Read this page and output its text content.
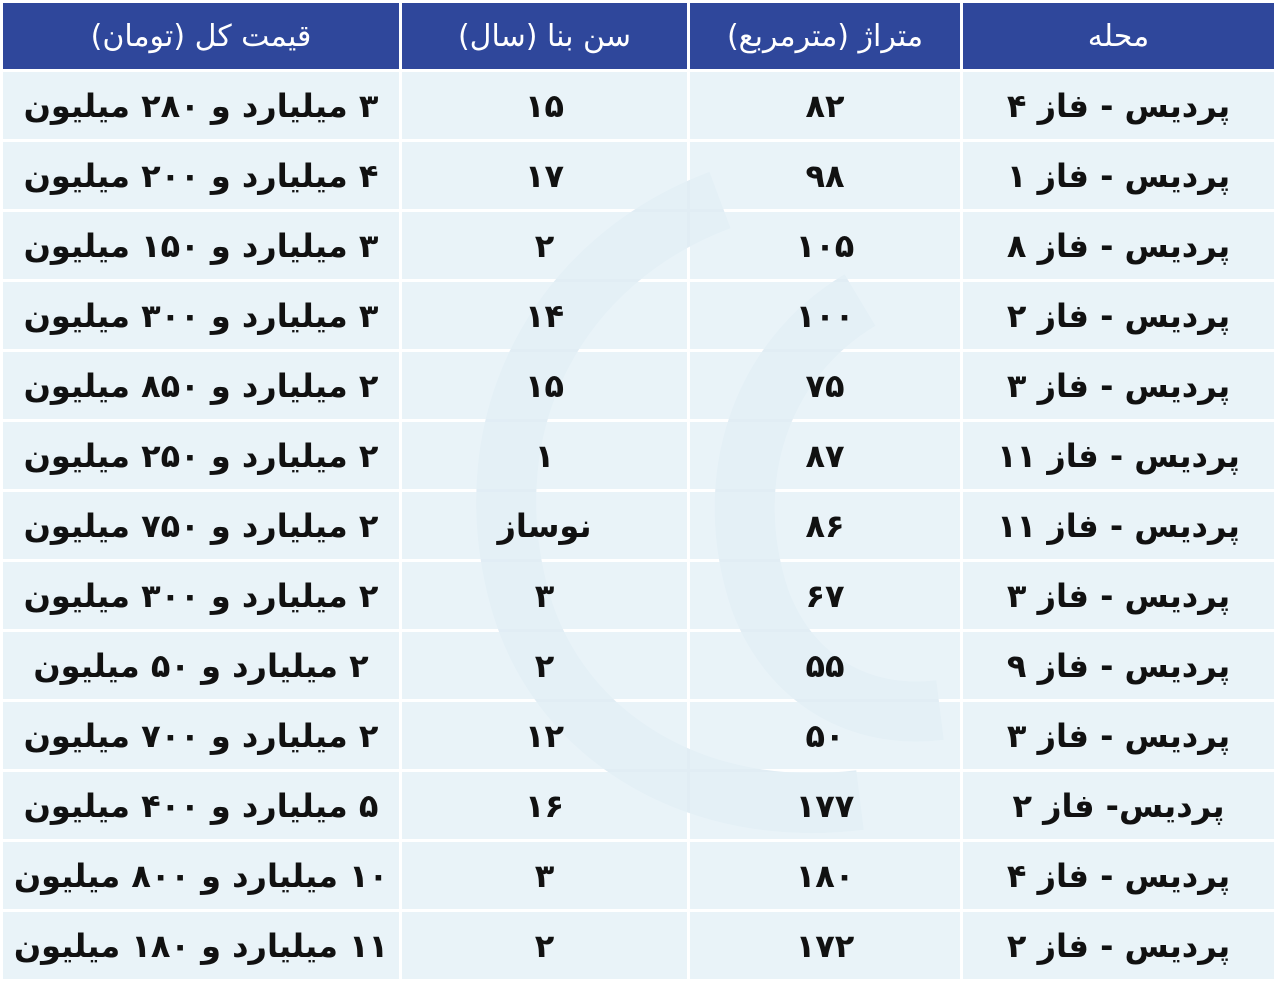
محله	متراژ (مترمربع)	سن بنا (سال)	قیمت کل (تومان)
پردیس - فاز ۴	۸۲	۱۵	۳ میلیارد و ۲۸۰ میلیون
پردیس - فاز ۱	۹۸	۱۷	۴ میلیارد و ۲۰۰ میلیون
پردیس - فاز ۸	۱۰۵	۲	۳ میلیارد و ۱۵۰ میلیون
پردیس - فاز ۲	۱۰۰	۱۴	۳ میلیارد و ۳۰۰ میلیون
پردیس - فاز ۳	۷۵	۱۵	۲ میلیارد و ۸۵۰ میلیون
پردیس - فاز ۱۱	۸۷	۱	۲ میلیارد و ۲۵۰ میلیون
پردیس - فاز ۱۱	۸۶	نوساز	۲ میلیارد و ۷۵۰ میلیون
پردیس - فاز ۳	۶۷	۳	۲ میلیارد و ۳۰۰ میلیون
پردیس - فاز ۹	۵۵	۲	۲ میلیارد و ۵۰ میلیون
پردیس - فاز ۳	۵۰	۱۲	۲ میلیارد و ۷۰۰ میلیون
پردیس- فاز ۲	۱۷۷	۱۶	۵ میلیارد و ۴۰۰ میلیون
پردیس - فاز ۴	۱۸۰	۳	۱۰ میلیارد و ۸۰۰ میلیون
پردیس - فاز ۲	۱۷۲	۲	۱۱ میلیارد و ۱۸۰ میلیون
